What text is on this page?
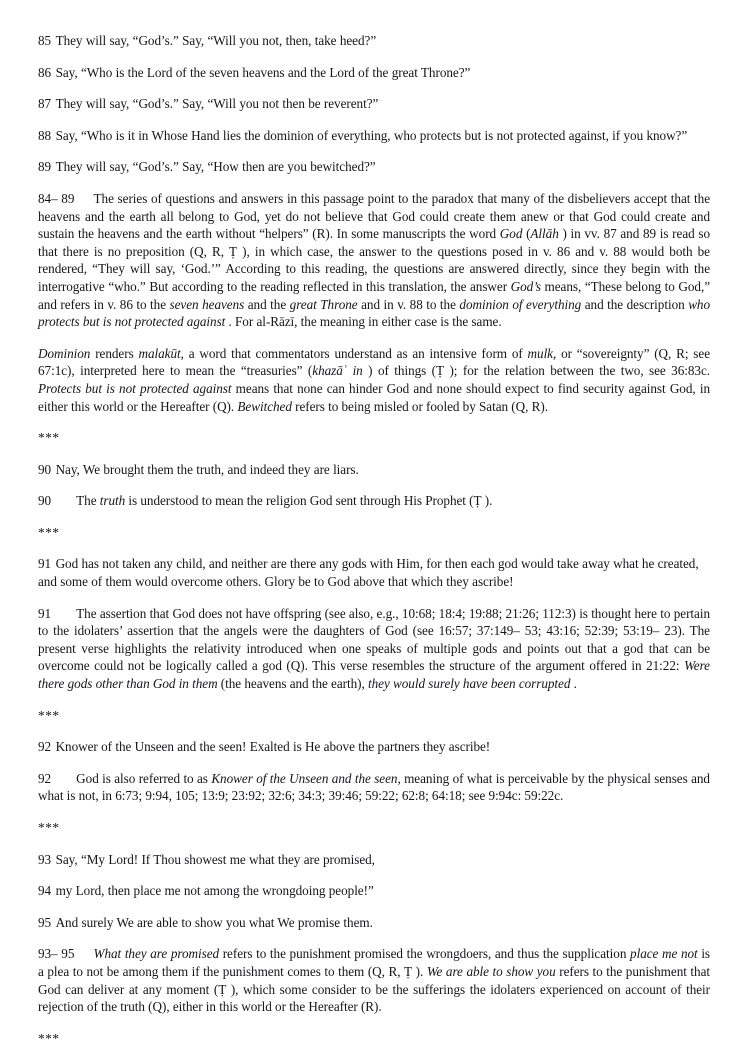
85 They will say, “God’s.” Say, “Will you not, then, take heed?”

86 Say, “Who is the Lord of the seven heavens and the Lord of the great Throne?”

87 They will say, “God’s.” Say, “Will you not then be reverent?”

88 Say, “Who is it in Whose Hand lies the dominion of everything, who protects but is not protected against, if you know?”

89 They will say, “God’s.” Say, “How then are you bewitched?”

84– 89 The series of questions and answers in this passage point to the paradox that many of the disbelievers accept that the heavens and the earth all belong to God, yet do not believe that God could create them anew or that God could create and sustain the heavens and the earth without “helpers” (R). In some manuscripts the word God (Allāh ) in vv. 87 and 89 is read so that there is no preposition (Q, R, Ṭ ), in which case, the answer to the questions posed in v. 86 and v. 88 would both be rendered, “They will say, ‘God.’” According to this reading, the questions are answered directly, since they begin with the interrogative “who.” But according to the reading reflected in this translation, the answer God’s means, “These belong to God,” and refers in v. 86 to the seven heavens and the great Throne and in v. 88 to the dominion of everything and the description who protects but is not protected against . For al-Rāzī, the meaning in either case is the same.

Dominion renders malakūt, a word that commentators understand as an intensive form of mulk, or “sovereignty” (Q, R; see 67:1c), interpreted here to mean the “treasuries” (khazāʾ in ) of things (Ṭ ); for the relation between the two, see 36:83c. Protects but is not protected against means that none can hinder God and none should expect to find security against God, in either this world or the Hereafter (Q). Bewitched refers to being misled or fooled by Satan (Q, R).

***

90 Nay, We brought them the truth, and indeed they are liars.

90 The truth is understood to mean the religion God sent through His Prophet (Ṭ ).

***

91 God has not taken any child, and neither are there any gods with Him, for then each god would take away what he created, and some of them would overcome others. Glory be to God above that which they ascribe!

91 The assertion that God does not have offspring (see also, e.g., 10:68; 18:4; 19:88; 21:26; 112:3) is thought here to pertain to the idolaters’ assertion that the angels were the daughters of God (see 16:57; 37:149– 53; 43:16; 52:39; 53:19– 23). The present verse highlights the relativity introduced when one speaks of multiple gods and points out that a god that can be overcome could not be logically called a god (Q). This verse resembles the structure of the argument offered in 21:22: Were there gods other than God in them (the heavens and the earth), they would surely have been corrupted .

***

92 Knower of the Unseen and the seen! Exalted is He above the partners they ascribe!

92 God is also referred to as Knower of the Unseen and the seen, meaning of what is perceivable by the physical senses and what is not, in 6:73; 9:94, 105; 13:9; 23:92; 32:6; 34:3; 39:46; 59:22; 62:8; 64:18; see 9:94c: 59:22c.

***

93 Say, “My Lord! If Thou showest me what they are promised,

94 my Lord, then place me not among the wrongdoing people!”

95 And surely We are able to show you what We promise them.

93– 95 What they are promised refers to the punishment promised the wrongdoers, and thus the supplication place me not is a plea to not be among them if the punishment comes to them (Q, R, Ṭ ). We are able to show you refers to the punishment that God can deliver at any moment (Ṭ ), which some consider to be the sufferings the idolaters experienced on account of their rejection of the truth (Q), either in this world or the Hereafter (R).

***
